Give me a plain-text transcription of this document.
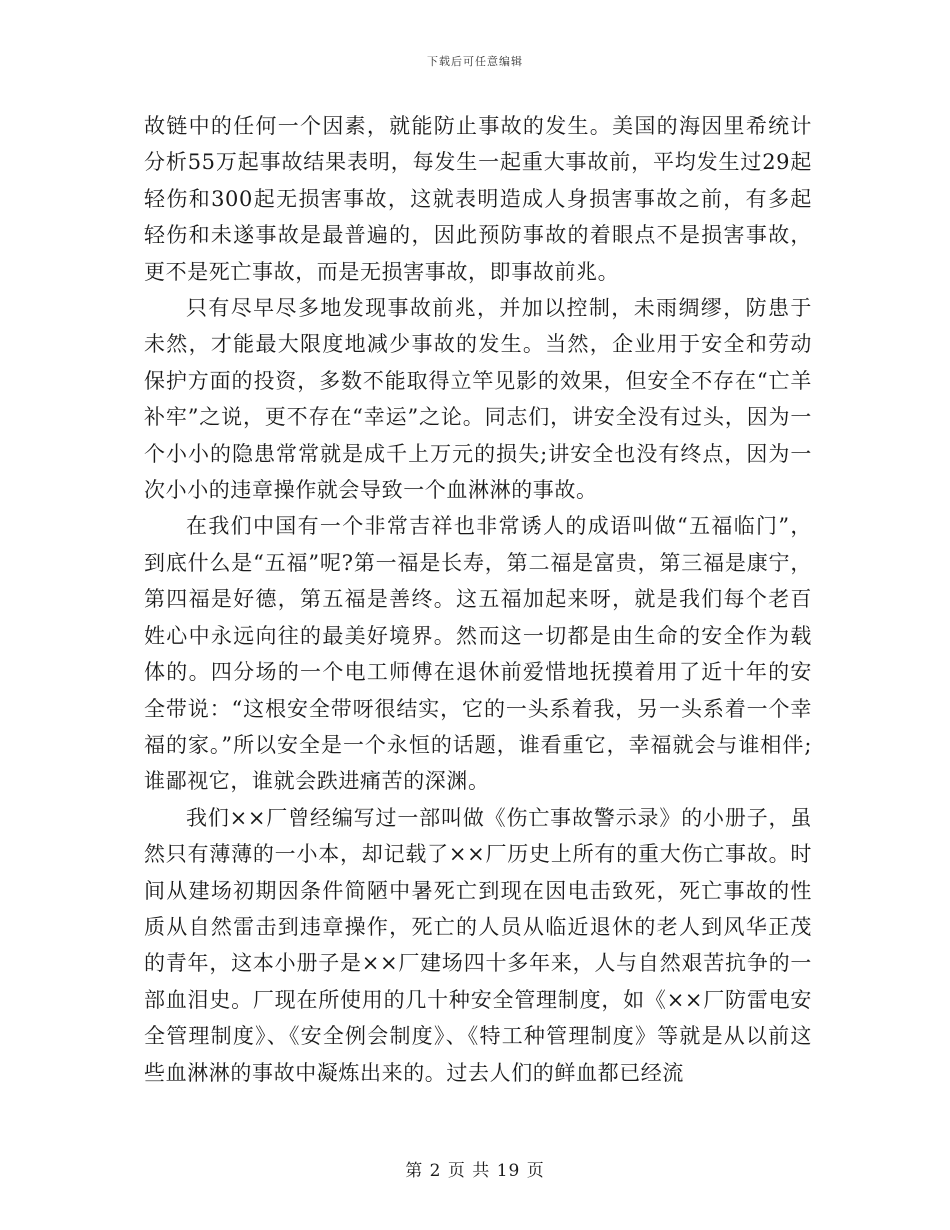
下载后可任意编辑

故链中的任何一个因素，就能防止事故的发生。美国的海因里希统计分析55万起事故结果表明，每发生一起重大事故前，平均发生过29起轻伤和300起无损害事故，这就表明造成人身损害事故之前，有多起轻伤和未遂事故是最普遍的，因此预防事故的着眼点不是损害事故，更不是死亡事故，而是无损害事故，即事故前兆。

只有尽早尽多地发现事故前兆，并加以控制，未雨绸缪，防患于未然，才能最大限度地减少事故的发生。当然，企业用于安全和劳动保护方面的投资，多数不能取得立竿见影的效果，但安全不存在“亡羊补牢”之说，更不存在“幸运”之论。同志们，讲安全没有过头，因为一个小小的隐患常常就是成千上万元的损失;讲安全也没有终点，因为一次小小的违章操作就会导致一个血淋淋的事故。

在我们中国有一个非常吉祥也非常诱人的成语叫做“五福临门”，到底什么是“五福”呢?第一福是长寿，第二福是富贵，第三福是康宁，第四福是好德，第五福是善终。这五福加起来呀，就是我们每个老百姓心中永远向往的最美好境界。然而这一切都是由生命的安全作为载体的。四分场的一个电工师傅在退休前爱惜地抚摸着用了近十年的安全带说：“这根安全带呀很结实，它的一头系着我，另一头系着一个幸福的家。”所以安全是一个永恒的话题，谁看重它，幸福就会与谁相伴;谁鄙视它，谁就会跌进痛苦的深渊。

我们××厂曾经编写过一部叫做《伤亡事故警示录》的小册子，虽然只有薄薄的一小本，却记载了××厂历史上所有的重大伤亡事故。时间从建场初期因条件简陋中暑死亡到现在因电击致死，死亡事故的性质从自然雷击到违章操作，死亡的人员从临近退休的老人到风华正茂的青年，这本小册子是××厂建场四十多年来，人与自然艰苦抗争的一部血泪史。厂现在所使用的几十种安全管理制度，如《××厂防雷电安全管理制度》、《安全例会制度》、《特工种管理制度》等就是从以前这些血淋淋的事故中凝炼出来的。过去人们的鲜血都已经流

第 2 页 共 19 页
